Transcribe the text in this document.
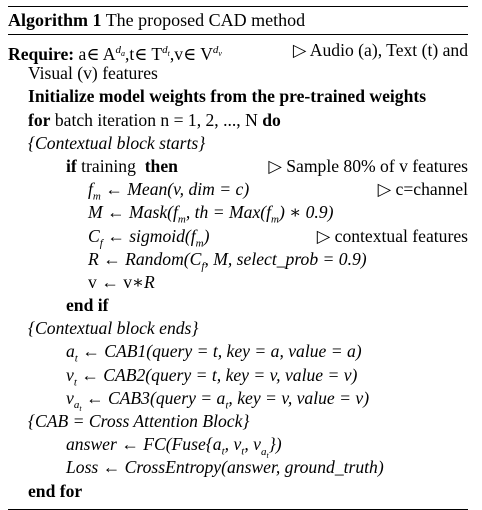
Algorithm 1 The proposed CAD method
Require: a∈ $A^{d_a},t\in$ $T^{d_t},v\in$ $V^{d_v}$	▷ Audio (a), Text (t) and
Visual (v) features
Initialize model weights from the pre-trained weights
for batch iteration n = 1, 2, ..., N do
{Contextual block starts}
if training then	▷ Sample 80% of v features
$f_m$ ← Mean(v, dim = c)	▷ c=channel
M ← $Mask(f_m$, th = $Max(f_m)$ ∗ 0.9)
$C_f$ ← $sigmoid(f_m)$	▷ contextual features
R ← $Random(C_f$, M, select_prob = 0.9)
v ← v∗R
end if
{Contextual block ends}
$a_t$ ← CAB1(query = t, key = a, value = a)
$v_t$ ← CAB2(query = t, key = v, value = v)
$v_{a_t}$ ← CAB3(query = $a_t$, key = v, value = v)
{CAB = Cross Attention Block}
answer ← $FC(Fuse\{a_t$, $v_t$, $v_{a_t}$})
Loss ← CrossEntropy(answer, ground_truth)
end for
